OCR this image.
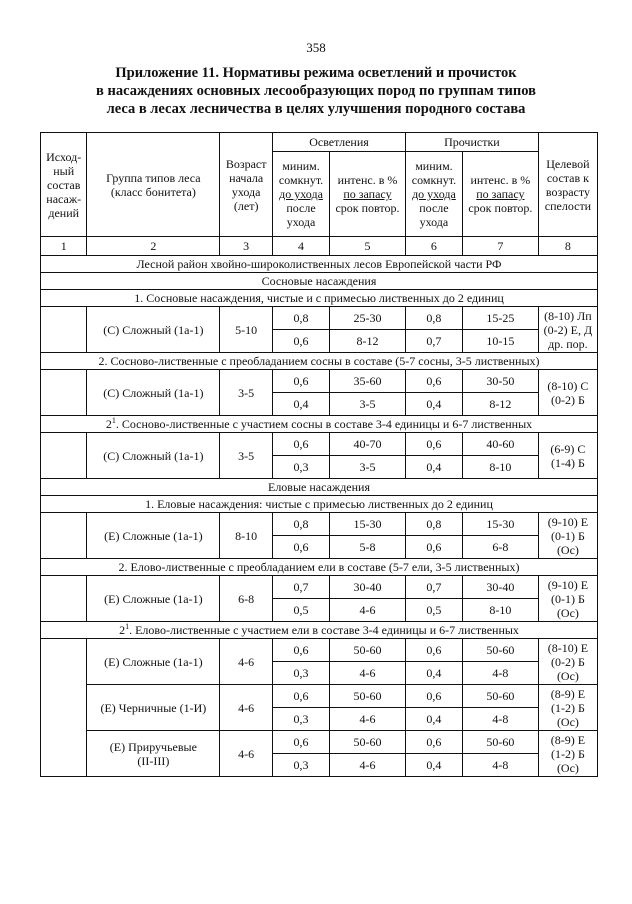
358
Приложение 11. Нормативы режима осветлений и прочисток
в насаждениях основных лесообразующих пород по группам типов
леса в лесах лесничества в целях улучшения породного состава
Исход-
ный
состав
насаж-
дений	Группа типов леса
(класс бонитета)	Возраст
начала
ухода
(лет)	Осветления		Прочистки		Целевой
состав к
возрасту
спелости
			миним.
сомкнут.
до ухода
после
ухода	интенс. в %
по запасу
срок повтор.	миним.
сомкнут.
до ухода
после
ухода	интенс. в %
по запасу
срок повтор.	
1	2	3	4	5	6	7	8
Лесной район хвойно-широколиственных лесов Европейской части РФ							
Сосновые насаждения							
1. Сосновые насаждения, чистые и с примесью лиственных до 2 единиц							
	(С) Сложный (1а-1)	5-10	0,8	25-30	0,8	15-25	(8-10) Лп
(0-2) Е, Д
др. пор.
			0,6	8-12	0,7	10-15	
2. Сосново-лиственные с преобладанием сосны в составе (5-7 сосны, 3-5 лиственных)							
	(С) Сложный (1а-1)	3-5	0,6	35-60	0,6	30-50	(8-10) С
(0-2) Б
			0,4	3-5	0,4	8-12	
$2^1$. Сосново-лиственные с участием сосны в составе 3-4 единицы и 6-7 лиственных							
	(С) Сложный (1а-1)	3-5	0,6	40-70	0,6	40-60	(6-9) С
(1-4) Б
			0,3	3-5	0,4	8-10	
Еловые насаждения							
1. Еловые насаждения: чистые с примесью лиственных до 2 единиц							
	(Е) Сложные (1а-1)	8-10	0,8	15-30	0,8	15-30	(9-10) Е
(0-1) Б
(Ос)
			0,6	5-8	0,6	6-8	
2. Елово-лиственные с преобладанием ели в составе (5-7 ели, 3-5 лиственных)							
	(Е) Сложные (1а-1)	6-8	0,7	30-40	0,7	30-40	(9-10) Е
(0-1) Б
(Ос)
			0,5	4-6	0,5	8-10	
$2^1$. Елово-лиственные с участием ели в составе 3-4 единицы и 6-7 лиственных							
	(Е) Сложные (1а-1)	4-6	0,6	50-60	0,6	50-60	(8-10) Е
(0-2) Б
(Ос)
			0,3	4-6	0,4	4-8	
	(Е) Черничные (1-И)	4-6	0,6	50-60	0,6	50-60	(8-9) Е
(1-2) Б
(Ос)
			0,3	4-6	0,4	4-8	
	(Е) Приручьевые
(II-III)	4-6	0,6	50-60	0,6	50-60	(8-9) Е
(1-2) Б
(Ос)
			0,3	4-6	0,4	4-8	
